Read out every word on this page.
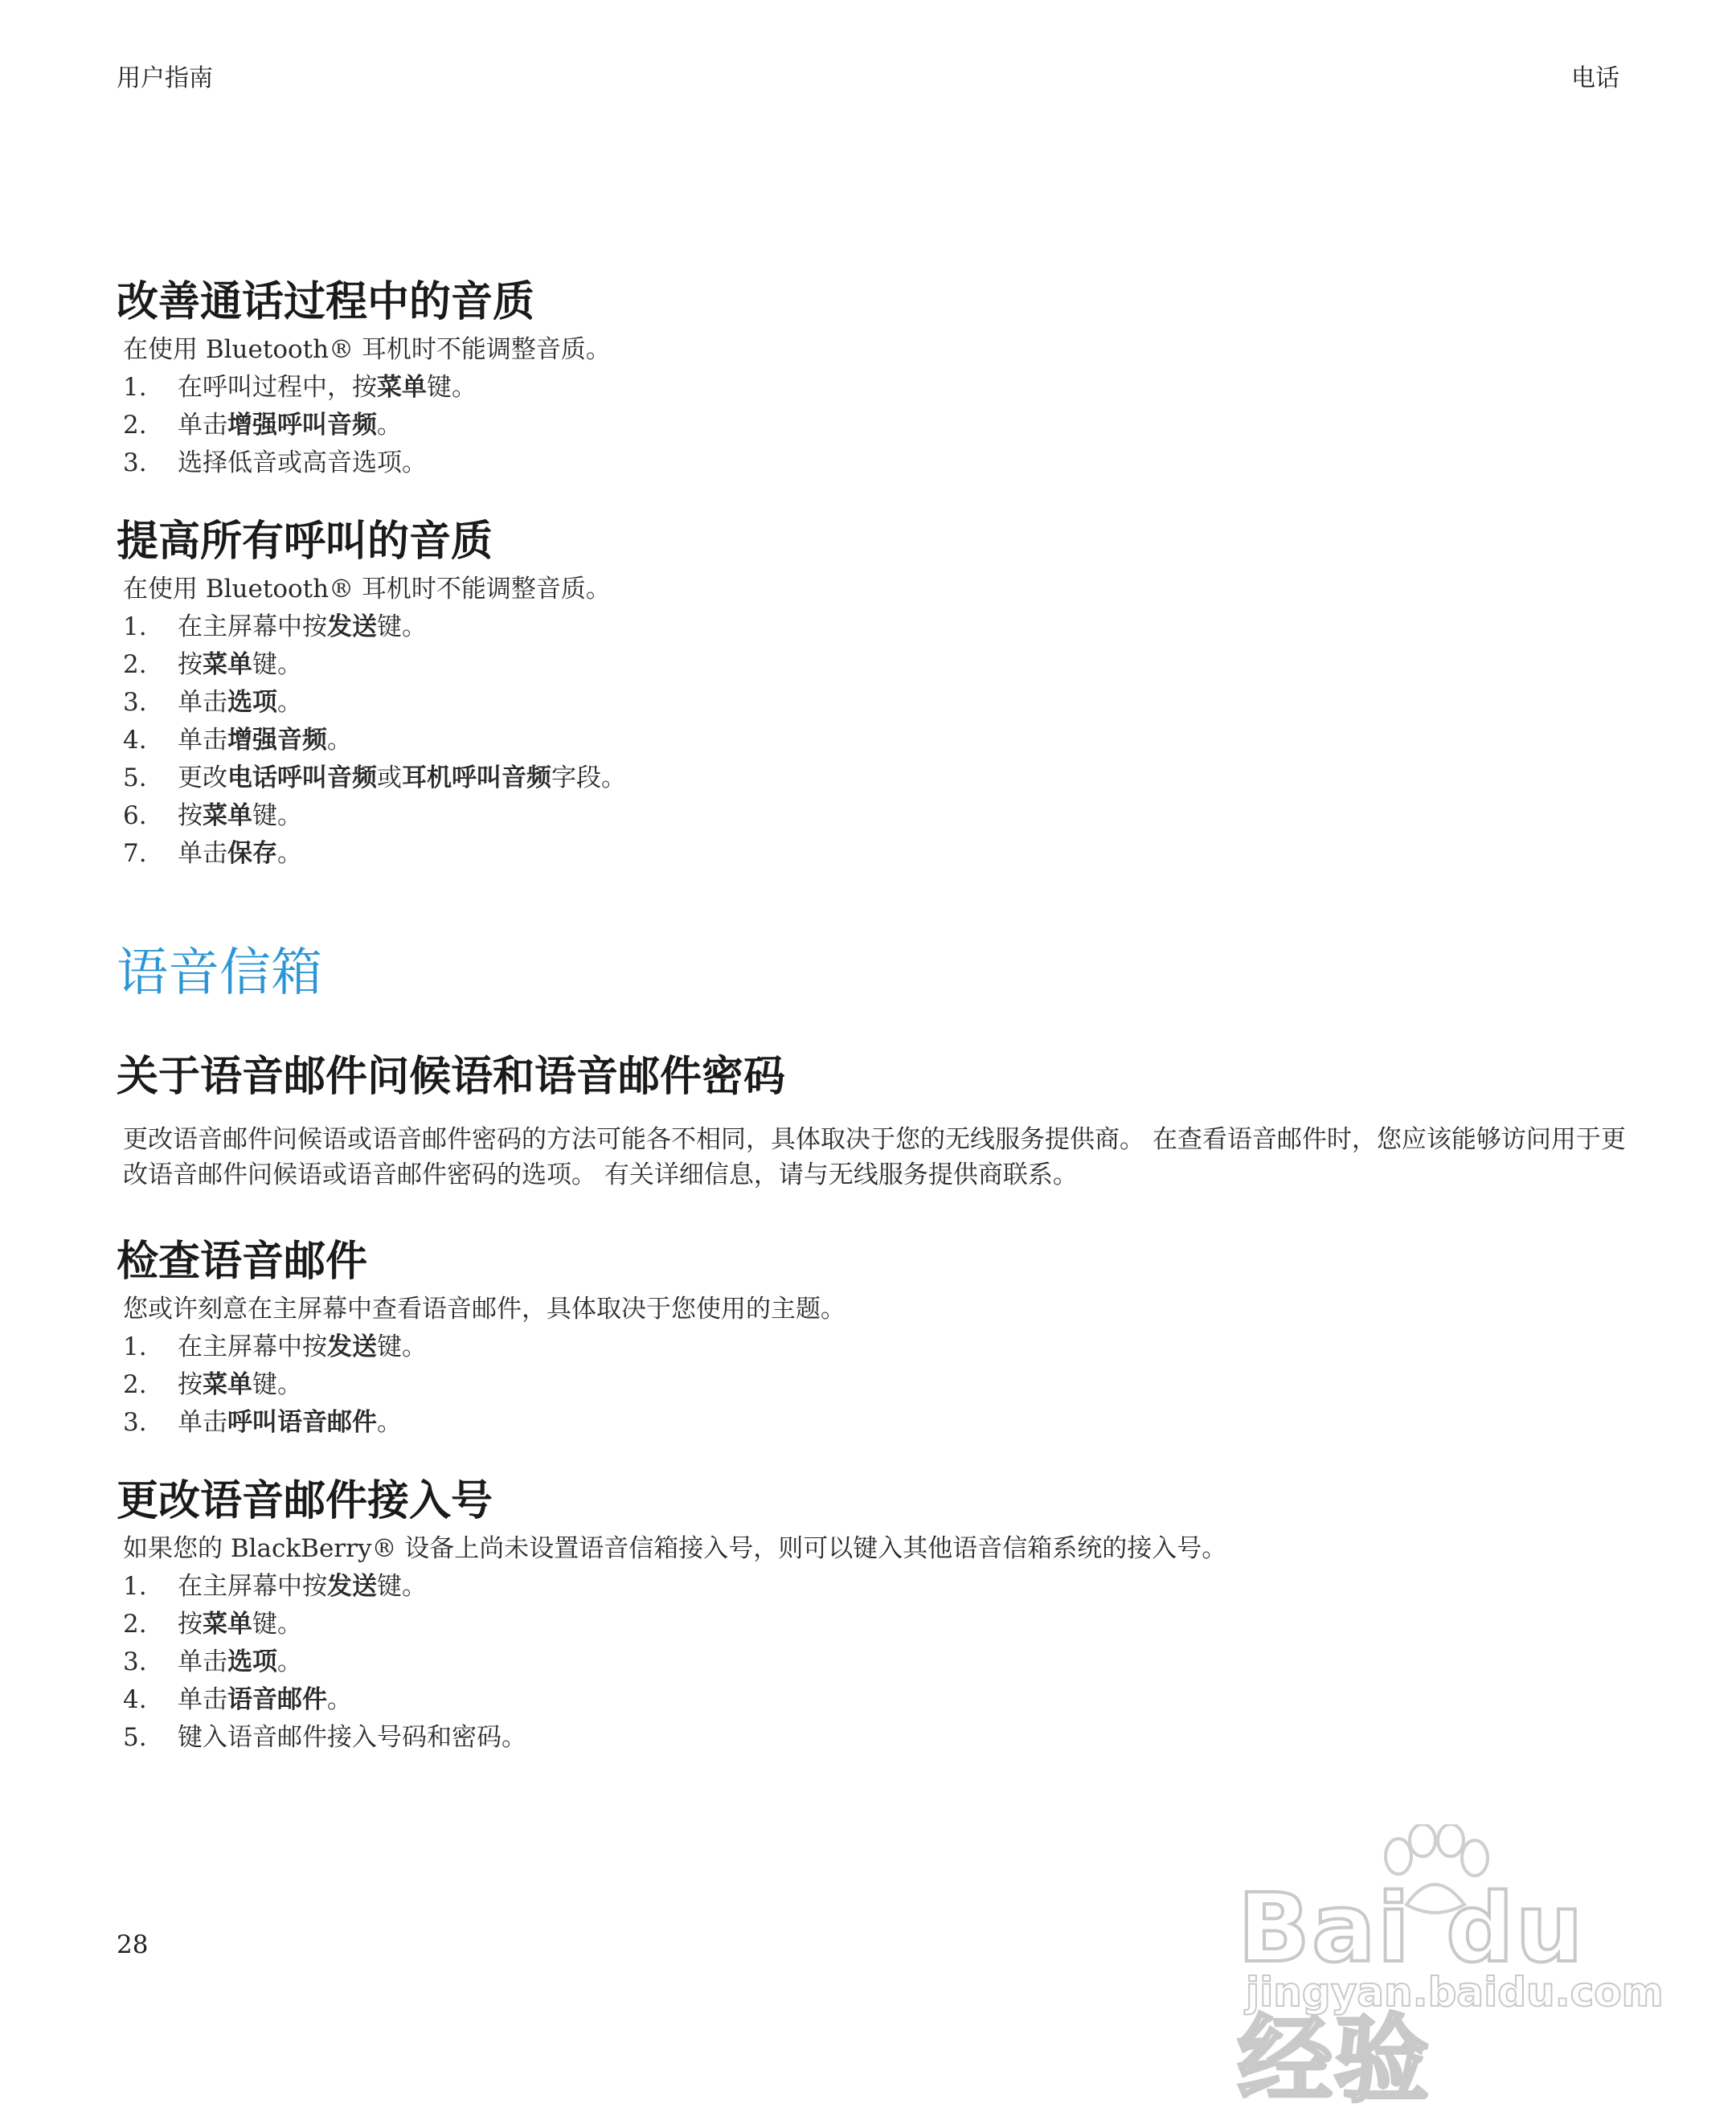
用户指南	电话
改善通话过程中的音质

在使用 Bluetooth® 耳机时不能调整音质。

1.	在呼叫过程中，按菜单键。
2.	单击增强呼叫音频。
3.	选择低音或高音选项。
提高所有呼叫的音质

在使用 Bluetooth® 耳机时不能调整音质。

1.	在主屏幕中按发送键。
2.	按菜单键。
3.	单击选项。
4.	单击增强音频。
5.	更改电话呼叫音频或耳机呼叫音频字段。
6.	按菜单键。
7.	单击保存。
语音信箱
关于语音邮件问候语和语音邮件密码

更改语音邮件问候语或语音邮件密码的方法可能各不相同，具体取决于您的无线服务提供商。 在查看语音邮件时，您应该能够访问用于更改语音邮件问候语或语音邮件密码的选项。 有关详细信息，请与无线服务提供商联系。

检查语音邮件

您或许刻意在主屏幕中查看语音邮件，具体取决于您使用的主题。

1.	在主屏幕中按发送键。
2.	按菜单键。
3.	单击呼叫语音邮件。
更改语音邮件接入号

如果您的 BlackBerry® 设备上尚未设置语音信箱接入号，则可以键入其他语音信箱系统的接入号。

1.	在主屏幕中按发送键。
2.	按菜单键。
3.	单击选项。
4.	单击语音邮件。
5.	键入语音邮件接入号码和密码。
28	Bai du 经验
jingyan.baidu.com
